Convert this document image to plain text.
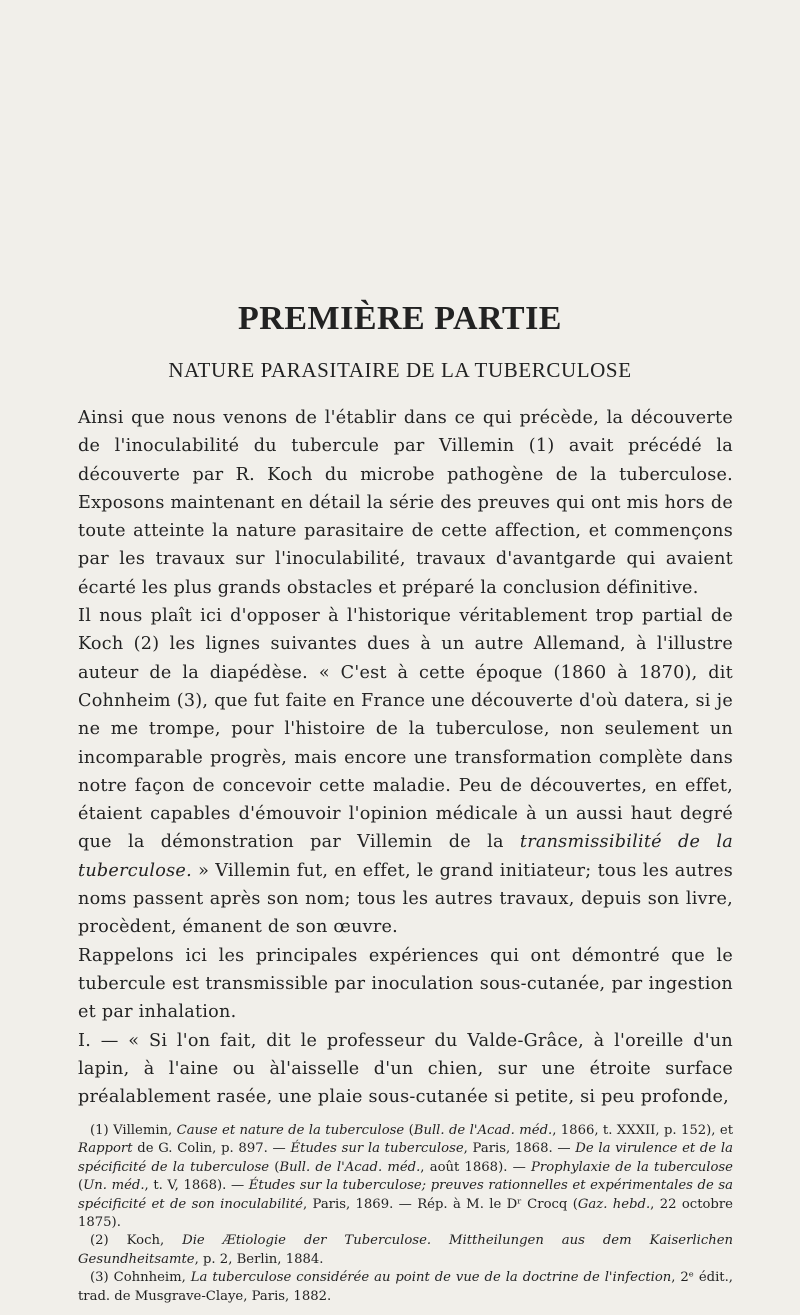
PREMIÈRE PARTIE
NATURE PARASITAIRE DE LA TUBERCULOSE

Ainsi que nous venons de l'établir dans ce qui précède, la découverte de l'inoculabilité du tubercule par Villemin (1) avait précédé la découverte par R. Koch du microbe pathogène de la tuberculose. Exposons maintenant en détail la série des preuves qui ont mis hors de toute atteinte la nature parasitaire de cette affection, et commençons par les travaux sur l'inoculabilité, travaux d'avantgarde qui avaient écarté les plus grands obstacles et préparé la conclusion définitive.

Il nous plaît ici d'opposer à l'historique véritablement trop partial de Koch (2) les lignes suivantes dues à un autre Allemand, à l'illustre auteur de la diapédèse. « C'est à cette époque (1860 à 1870), dit Cohnheim (3), que fut faite en France une découverte d'où datera, si je ne me trompe, pour l'histoire de la tuberculose, non seulement un incomparable progrès, mais encore une transformation complète dans notre façon de concevoir cette maladie. Peu de découvertes, en effet, étaient capables d'émouvoir l'opinion médicale à un aussi haut degré que la démonstration par Villemin de la transmissibilité de la tuberculose. » Villemin fut, en effet, le grand initiateur; tous les autres noms passent après son nom; tous les autres travaux, depuis son livre, procèdent, émanent de son œuvre.

Rappelons ici les principales expériences qui ont démontré que le tubercule est transmissible par inoculation sous-cutanée, par ingestion et par inhalation.

I. — « Si l'on fait, dit le professeur du Valde-Grâce, à l'oreille d'un lapin, à l'aine ou àl'aisselle d'un chien, sur une étroite surface préalablement rasée, une plaie sous-cutanée si petite, si peu profonde,

(1) Villemin, Cause et nature de la tuberculose (Bull. de l'Acad. méd., 1866, t. XXXII, p. 152), et Rapport de G. Colin, p. 897. — Études sur la tuberculose, Paris, 1868. — De la virulence et de la spécificité de la tuberculose (Bull. de l'Acad. méd., août 1868). — Prophylaxie de la tuberculose (Un. méd., t. V, 1868). — Études sur la tuberculose; preuves rationnelles et expérimentales de sa spécificité et de son inoculabilité, Paris, 1869. — Rép. à M. le Dʳ Crocq (Gaz. hebd., 22 octobre 1875).

(2) Koch, Die Ætiologie der Tuberculose. Mittheilungen aus dem Kaiserlichen Gesundheitsamte, p. 2, Berlin, 1884.

(3) Cohnheim, La tuberculose considérée au point de vue de la doctrine de l'infection, 2ᵉ édit., trad. de Musgrave-Claye, Paris, 1882.
